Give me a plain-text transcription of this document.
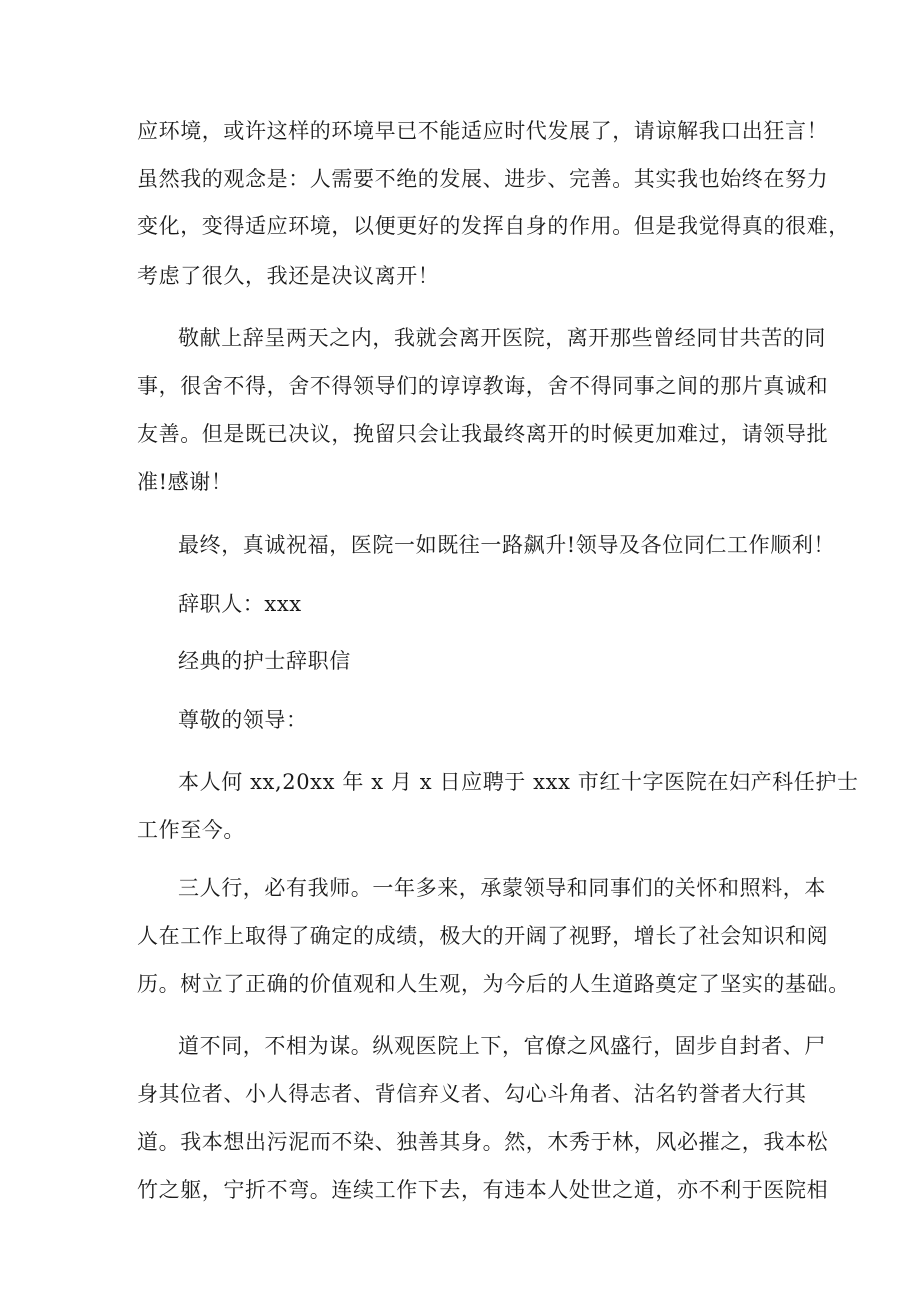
应环境，或许这样的环境早已不能适应时代发展了，请谅解我口出狂言！
虽然我的观念是：人需要不绝的发展、进步、完善。其实我也始终在努力
变化，变得适应环境，以便更好的发挥自身的作用。但是我觉得真的很难，
考虑了很久，我还是决议离开！
敬献上辞呈两天之内，我就会离开医院，离开那些曾经同甘共苦的同
事，很舍不得，舍不得领导们的谆谆教诲，舍不得同事之间的那片真诚和
友善。但是既已决议，挽留只会让我最终离开的时候更加难过，请领导批
准!感谢！
最终，真诚祝福，医院一如既往一路飙升!领导及各位同仁工作顺利！
辞职人：xxx
经典的护士辞职信
尊敬的领导：
本人何 xx,20xx 年 x 月 x 日应聘于 xxx 市红十字医院在妇产科任护士
工作至今。
三人行，必有我师。一年多来，承蒙领导和同事们的关怀和照料，本
人在工作上取得了确定的成绩，极大的开阔了视野，增长了社会知识和阅
历。树立了正确的价值观和人生观，为今后的人生道路奠定了坚实的基础。
道不同，不相为谋。纵观医院上下，官僚之风盛行，固步自封者、尸
身其位者、小人得志者、背信弃义者、勾心斗角者、沽名钓誉者大行其
道。我本想出污泥而不染、独善其身。然，木秀于林，风必摧之，我本松
竹之躯，宁折不弯。连续工作下去，有违本人处世之道，亦不利于医院相
